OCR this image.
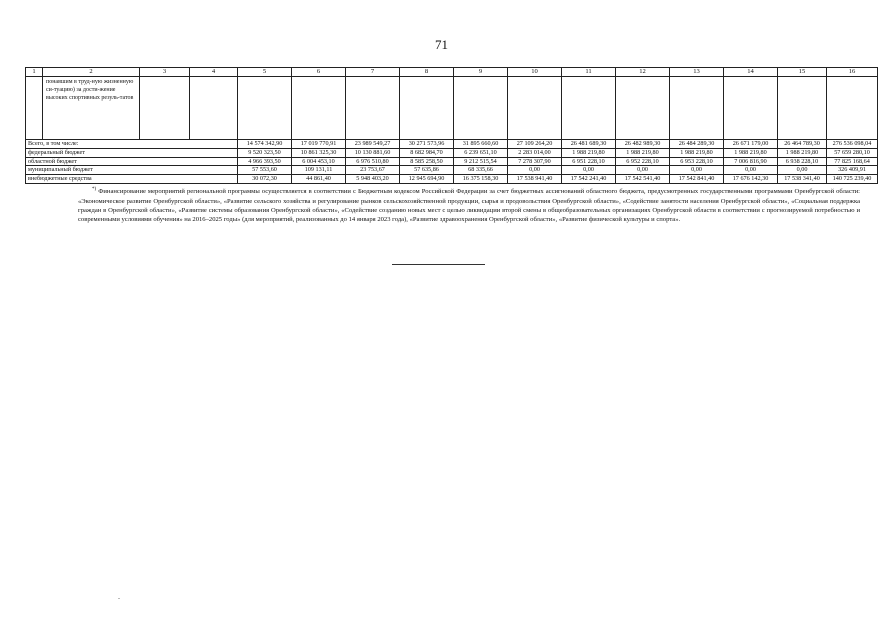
71
1	2	3	4	5	6	7	8	9	10	11	12	13	14	15	16
	понавшим в труд-ную жизненную си-туацию) за дости-жение высоких спортивных резуль-татов														
Всего, в том числе:				14 574 342,90	17 019 770,91	23 989 549,27	30 271 573,96	31 895 660,60	27 109 264,20	26 481 689,30	26 482 989,30	26 484 289,30	26 671 179,00	26 464 789,30	276 536 098,04
федеральный бюджет				9 520 323,50	10 861 325,30	10 130 881,60	8 682 984,70	6 239 651,10	2 283 014,00	1 988 219,80	1 988 219,80	1 988 219,80	1 988 219,80	1 988 219,80	57 659 280,10
областной бюджет				4 966 393,50	6 004 453,10	6 976 510,80	8 585 258,50	9 212 515,54	7 278 307,90	6 951 228,10	6 952 228,10	6 953 228,10	7 006 816,90	6 938 228,10	77 825 168,64
муниципальный бюджет				57 553,60	109 131,11	23 753,67	57 635,86	68 335,66	0,00	0,00	0,00	0,00	0,00	0,00	326 409,91
внебюджетные средства				30 072,30	44 861,40	5 948 403,20	12 945 694,90	16 375 158,30	17 538 941,40	17 542 241,40	17 542 541,40	17 542 841,40	17 676 142,30	17 538 341,40	140 725 239,40
*) Финансирование мероприятий региональной программы осуществляется в соответствии с Бюджетным кодексом Российской Федерации за счет бюджетных ассигнований областного бюджета, предусмотренных государственными программами Оренбургской области: «Экономическое развитие Оренбургской области», «Развитие сельского хозяйства и регулирование рынков сельскохозяйственной продукции, сырья и продовольствия Оренбургской области», «Содействие занятости населения Оренбургской области», «Социальная поддержка граждан в Оренбургской области», «Развитие системы образования Оренбургской области», «Содействие созданию новых мест с целью ликвидации второй смены в общеобразовательных организациях Оренбургской области в соответствии с прогнозируемой потребностью и современными условиями обучения» на 2016–2025 годы» (для мероприятий, реализованных до 14 января 2023 года), «Развитие здравоохранения Оренбургской области», «Развитие физической культуры и спорта».
